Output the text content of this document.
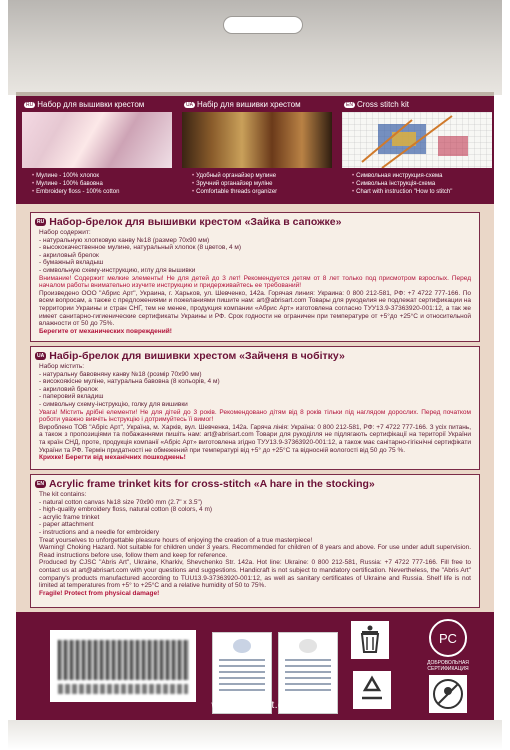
RU Набор для вышивки крестом
• Мулине - 100% хлопок
• Мулине - 100% бавовна
• Embroidery floss - 100% cotton
UA Набір для вишивки хрестом
• Удобный органайзер мулине
• Зручний органайзер муліне
• Comfortable threads organizer
EN Cross stitch kit
• Символьная инструкция-схема
• Символьна інструкція-схема
• Chart with instruction "How to stitch"
RU Набор-брелок для вышивки крестом «Зайка в сапожке»
Набор содержит:
- натуральную хлопковую канву №18 (размер 70х90 мм)
- высококачественное мулине, натуральный хлопок (8 цветов, 4 м)
- акриловый брелок
- бумажный вкладыш
- символьную схему-инструкцию, иглу для вышивки
Внимание! Содержит мелкие элементы! Не для детей до 3 лет! Рекомендуется детям от 8 лет только под присмотром взрослых. Перед началом работы внимательно изучите инструкцию и придерживайтесь ее требований!
Произведено ООО "Абрис Арт", Украина, г. Харьков, ул. Шевченко, 142а. Горячая линия: Украина: 0 800 212-581, РФ: +7 4722 777-166. По всем вопросам, а также с предложениями и пожеланиями пишите нам: art@abrisart.com Товары для рукоделия не подлежат сертификации на территории Украины и стран СНГ, тем не менее, продукция компании «Абрис Арт» изготовлена согласно ТУУ13.9-37363920-001:12, а так же имеет санитарно-гигиенические сертификаты Украины и РФ. Срок годности не ограничен при температуре от +5°до +25°С и относительной влажности от 50 до 75%.
Берегите от механических повреждений!
UA Набір-брелок для вишивки хрестом «Зайченя в чобітку»
Набор містить:
- натуральну бавовняну канву №18 (розмір 70х90 мм)
- високоякісне муліне, натуральна бавовна (8 кольорів, 4 м)
- акриловий брелок
- паперовий вкладиш
- символьну схему-інструкцію, голку для вишивки
Увага! Містить дрібні елементи! Не для дітей до 3 років. Рекомендовано дітям від 8 років тільки під наглядом дорослих. Перед початком роботи уважно вивчіть інструкцію і дотримуйтесь її вимог!
Вироблено ТОВ "Абріс Арт", Україна, м. Харків, вул. Шевченка, 142а. Гаряча лінія: Україна: 0 800 212-581, РФ: +7 4722 777-166. З усіх питань, а також з пропозиціями та побажаннями пишіть нам: art@abrisart.com Товари для рукоділля не підлягають сертифікації на території України та країн СНД, проте, продукція компанії «Абріс Арт» виготовлена згідно ТУУ13.9-37363920-001:12, а також має санітарно-гігієнічні сертифікати України та РФ. Термін придатності не обмежений при температурі від +5° до +25°С та відносній вологості від 50 до 75 %.
Крихке! Берегти від механічних пошкоджень!
EN Acrylic frame trinket kits for cross-stitch «A hare in the stocking»
The kit contains:
- natural cotton canvas №18 size 70х90 mm (2.7" x 3.5")
- high-quality embroidery floss, natural cotton (8 colors, 4 m)
- acrylic frame trinket
- paper attachment
- instructions and a needle for embroidery
Treat yourselves to unforgettable pleasure hours of enjoying the creation of a true masterpiece!
Warning! Choking Hazard. Not suitable for children under 3 years. Recommended for children of 8 years and above. For use under adult supervision. Read instructions before use, follow them and keep for reference.
Produced by CJSC "Abris Art", Ukraine, Kharkiv, Shevchenko Str. 142a. Hot line: Ukraine: 0 800 212-581, Russia: +7 4722 777-166. Fill free to contact us at art@abrisart.com with your questions and suggestions. Handicraft is not subject to mandatory certification. Nevertheless, the "Abris Art" company's products manufactured according to TUU13.9-37363920-001:12, as well as sanitary certificates of Ukraine and Russia. Shelf life is not limited at temperatures from +5° to +25°C and a relative humidity of 50 to 75%.
Fragile! Protect from physical damage!
РС
ДОБРОВОЛЬНАЯ СЕРТИФИКАЦИЯ
www.abrisart.com
